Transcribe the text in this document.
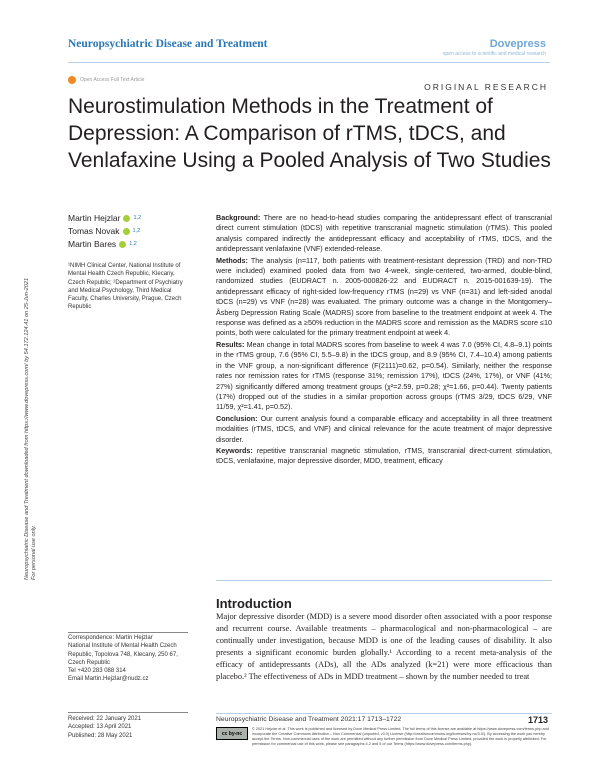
Neuropsychiatric Disease and Treatment	Dovepress
open access to scientific and medical research
Open Access Full Text Article
ORIGINAL RESEARCH
Neurostimulation Methods in the Treatment of Depression: A Comparison of rTMS, tDCS, and Venlafaxine Using a Pooled Analysis of Two Studies
Neuropsychiatric Disease and Treatment downloaded from https://www.dovepress.com/ by 54.172.124.41 on 25-Jun-2021 For personal use only.
Martin Hejzlar 1,2
Tomas Novak 1,2
Martin Bares 1,2
¹NIMH Clinical Center, National Institute of Mental Health Czech Republic, Klecany, Czech Republic; ²Department of Psychiatry and Medical Psychology, Third Medical Faculty, Charles University, Prague, Czech Republic

Background: There are no head-to-head studies comparing the antidepressant effect of transcranial direct current stimulation (tDCS) with repetitive transcranial magnetic stimulation (rTMS). This pooled analysis compared indirectly the antidepressant efficacy and acceptability of rTMS, tDCS, and the antidepressant venlafaxine (VNF) extended-release.

Methods: The analysis (n=117, both patients with treatment-resistant depression (TRD) and non-TRD were included) examined pooled data from two 4-week, single-centered, two-armed, double-blind, randomized studies (EUDRACT n. 2005-000826-22 and EUDRACT n. 2015-001639-19). The antidepressant efficacy of right-sided low-frequency rTMS (n=29) vs VNF (n=31) and left-sided anodal tDCS (n=29) vs VNF (n=28) was evaluated. The primary outcome was a change in the Montgomery–Åsberg Depression Rating Scale (MADRS) score from baseline to the treatment endpoint at week 4. The response was defined as a ≥50% reduction in the MADRS score and remission as the MADRS score ≤10 points, both were calculated for the primary treatment endpoint at week 4.

Results: Mean change in total MADRS scores from baseline to week 4 was 7.0 (95% CI, 4.8–9.1) points in the rTMS group, 7.6 (95% CI, 5.5–9.8) in the tDCS group, and 8.9 (95% CI, 7.4–10.4) among patients in the VNF group, a non-significant difference (F(2111)=0.62, p=0.54). Similarly, neither the response rates nor remission rates for rTMS (response 31%; remission 17%), tDCS (24%, 17%), or VNF (41%; 27%) significantly differed among treatment groups (χ²=2.59, p=0.28; χ²=1.66, p=0.44). Twenty patients (17%) dropped out of the studies in a similar proportion across groups (rTMS 3/29, tDCS 6/29, VNF 11/59, χ²=1.41, p=0.52).

Conclusion: Our current analysis found a comparable efficacy and acceptability in all three treatment modalities (rTMS, tDCS, and VNF) and clinical relevance for the acute treatment of major depressive disorder.

Keywords: repetitive transcranial magnetic stimulation, rTMS, transcranial direct-current stimulation, tDCS, venlafaxine, major depressive disorder, MDD, treatment, efficacy

Introduction
Major depressive disorder (MDD) is a severe mood disorder often associated with a poor response and recurrent course. Available treatments – pharmacological and non-pharmacological – are continually under investigation, because MDD is one of the leading causes of disability. It also presents a significant economic burden globally.¹ According to a recent meta-analysis of the efficacy of antidepressants (ADs), all the ADs analyzed (k=21) were more efficacious than placebo.² The effectiveness of ADs in MDD treatment – shown by the number needed to treat
Correspondence: Martin Hejzlar
National Institute of Mental Health Czech Republic, Topolova 748, Klecany, 250 67, Czech Republic
Tel +420 283 088 314
Email Martin.Hejzlar@nudz.cz
Received: 22 January 2021
Accepted: 13 April 2021
Published: 28 May 2021
Neuropsychiatric Disease and Treatment 2021:17 1713–1722	1713
cc by-nc
© 2021 Hejzlar et al. This work is published and licensed by Dove Medical Press Limited. The full terms of this license are available at https://www.dovepress.com/terms.php and incorporate the Creative Commons Attribution – Non Commercial (unported, v3.0) License (http://creativecommons.org/licenses/by-nc/3.0/). By accessing the work you hereby accept the Terms. Non-commercial uses of the work are permitted without any further permission from Dove Medical Press Limited, provided the work is properly attributed. For permission for commercial use of this work, please see paragraphs 4.2 and 5 of our Terms (https://www.dovepress.com/terms.php).
